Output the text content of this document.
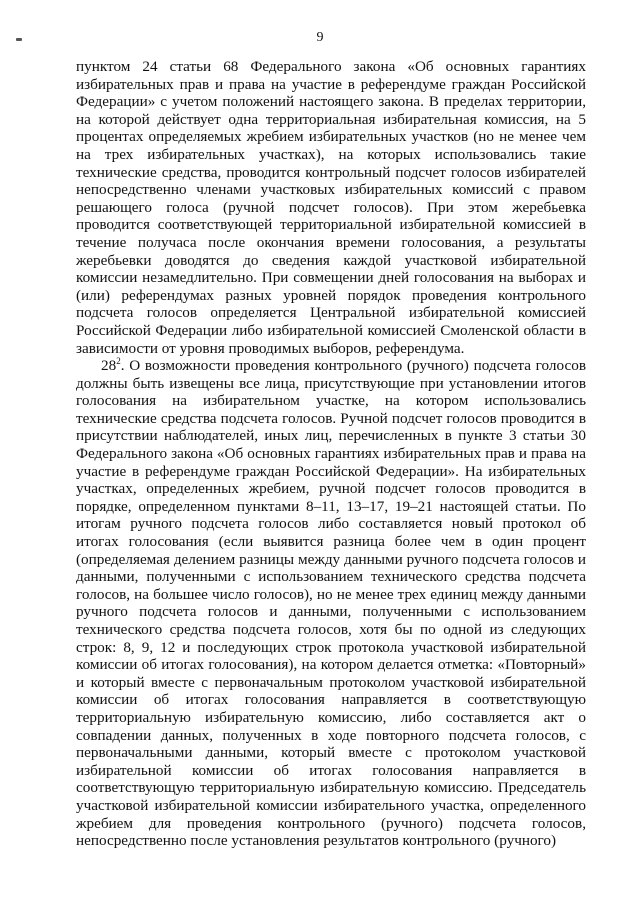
9

пунктом 24 статьи 68 Федерального закона «Об основных гарантиях избирательных прав и права на участие в референдуме граждан Российской Федерации» с учетом положений настоящего закона. В пределах территории, на которой действует одна территориальная избирательная комиссия, на 5 процентах определяемых жребием избирательных участков (но не менее чем на трех избирательных участках), на которых использовались такие технические средства, проводится контрольный подсчет голосов избирателей непосредственно членами участковых избирательных комиссий с правом решающего голоса (ручной подсчет голосов). При этом жеребьевка проводится соответствующей территориальной избирательной комиссией в течение получаса после окончания времени голосования, а результаты жеребьевки доводятся до сведения каждой участковой избирательной комиссии незамедлительно. При совмещении дней голосования на выборах и (или) референдумах разных уровней порядок проведения контрольного подсчета голосов определяется Центральной избирательной комиссией Российской Федерации либо избирательной комиссией Смоленской области в зависимости от уровня проводимых выборов, референдума.

$28^2$. О возможности проведения контрольного (ручного) подсчета голосов должны быть извещены все лица, присутствующие при установлении итогов голосования на избирательном участке, на котором использовались технические средства подсчета голосов. Ручной подсчет голосов проводится в присутствии наблюдателей, иных лиц, перечисленных в пункте 3 статьи 30 Федерального закона «Об основных гарантиях избирательных прав и права на участие в референдуме граждан Российской Федерации». На избирательных участках, определенных жребием, ручной подсчет голосов проводится в порядке, определенном пунктами 8–11, 13–17, 19–21 настоящей статьи. По итогам ручного подсчета голосов либо составляется новый протокол об итогах голосования (если выявится разница более чем в один процент (определяемая делением разницы между данными ручного подсчета голосов и данными, полученными с использованием технического средства подсчета голосов, на большее число голосов), но не менее трех единиц между данными ручного подсчета голосов и данными, полученными с использованием технического средства подсчета голосов, хотя бы по одной из следующих строк: 8, 9, 12 и последующих строк протокола участковой избирательной комиссии об итогах голосования), на котором делается отметка: «Повторный» и который вместе с первоначальным протоколом участковой избирательной комиссии об итогах голосования направляется в соответствующую территориальную избирательную комиссию, либо составляется акт о совпадении данных, полученных в ходе повторного подсчета голосов, с первоначальными данными, который вместе с протоколом участковой избирательной комиссии об итогах голосования направляется в соответствующую территориальную избирательную комиссию. Председатель участковой избирательной комиссии избирательного участка, определенного жребием для проведения контрольного (ручного) подсчета голосов, непосредственно после установления результатов контрольного (ручного)
